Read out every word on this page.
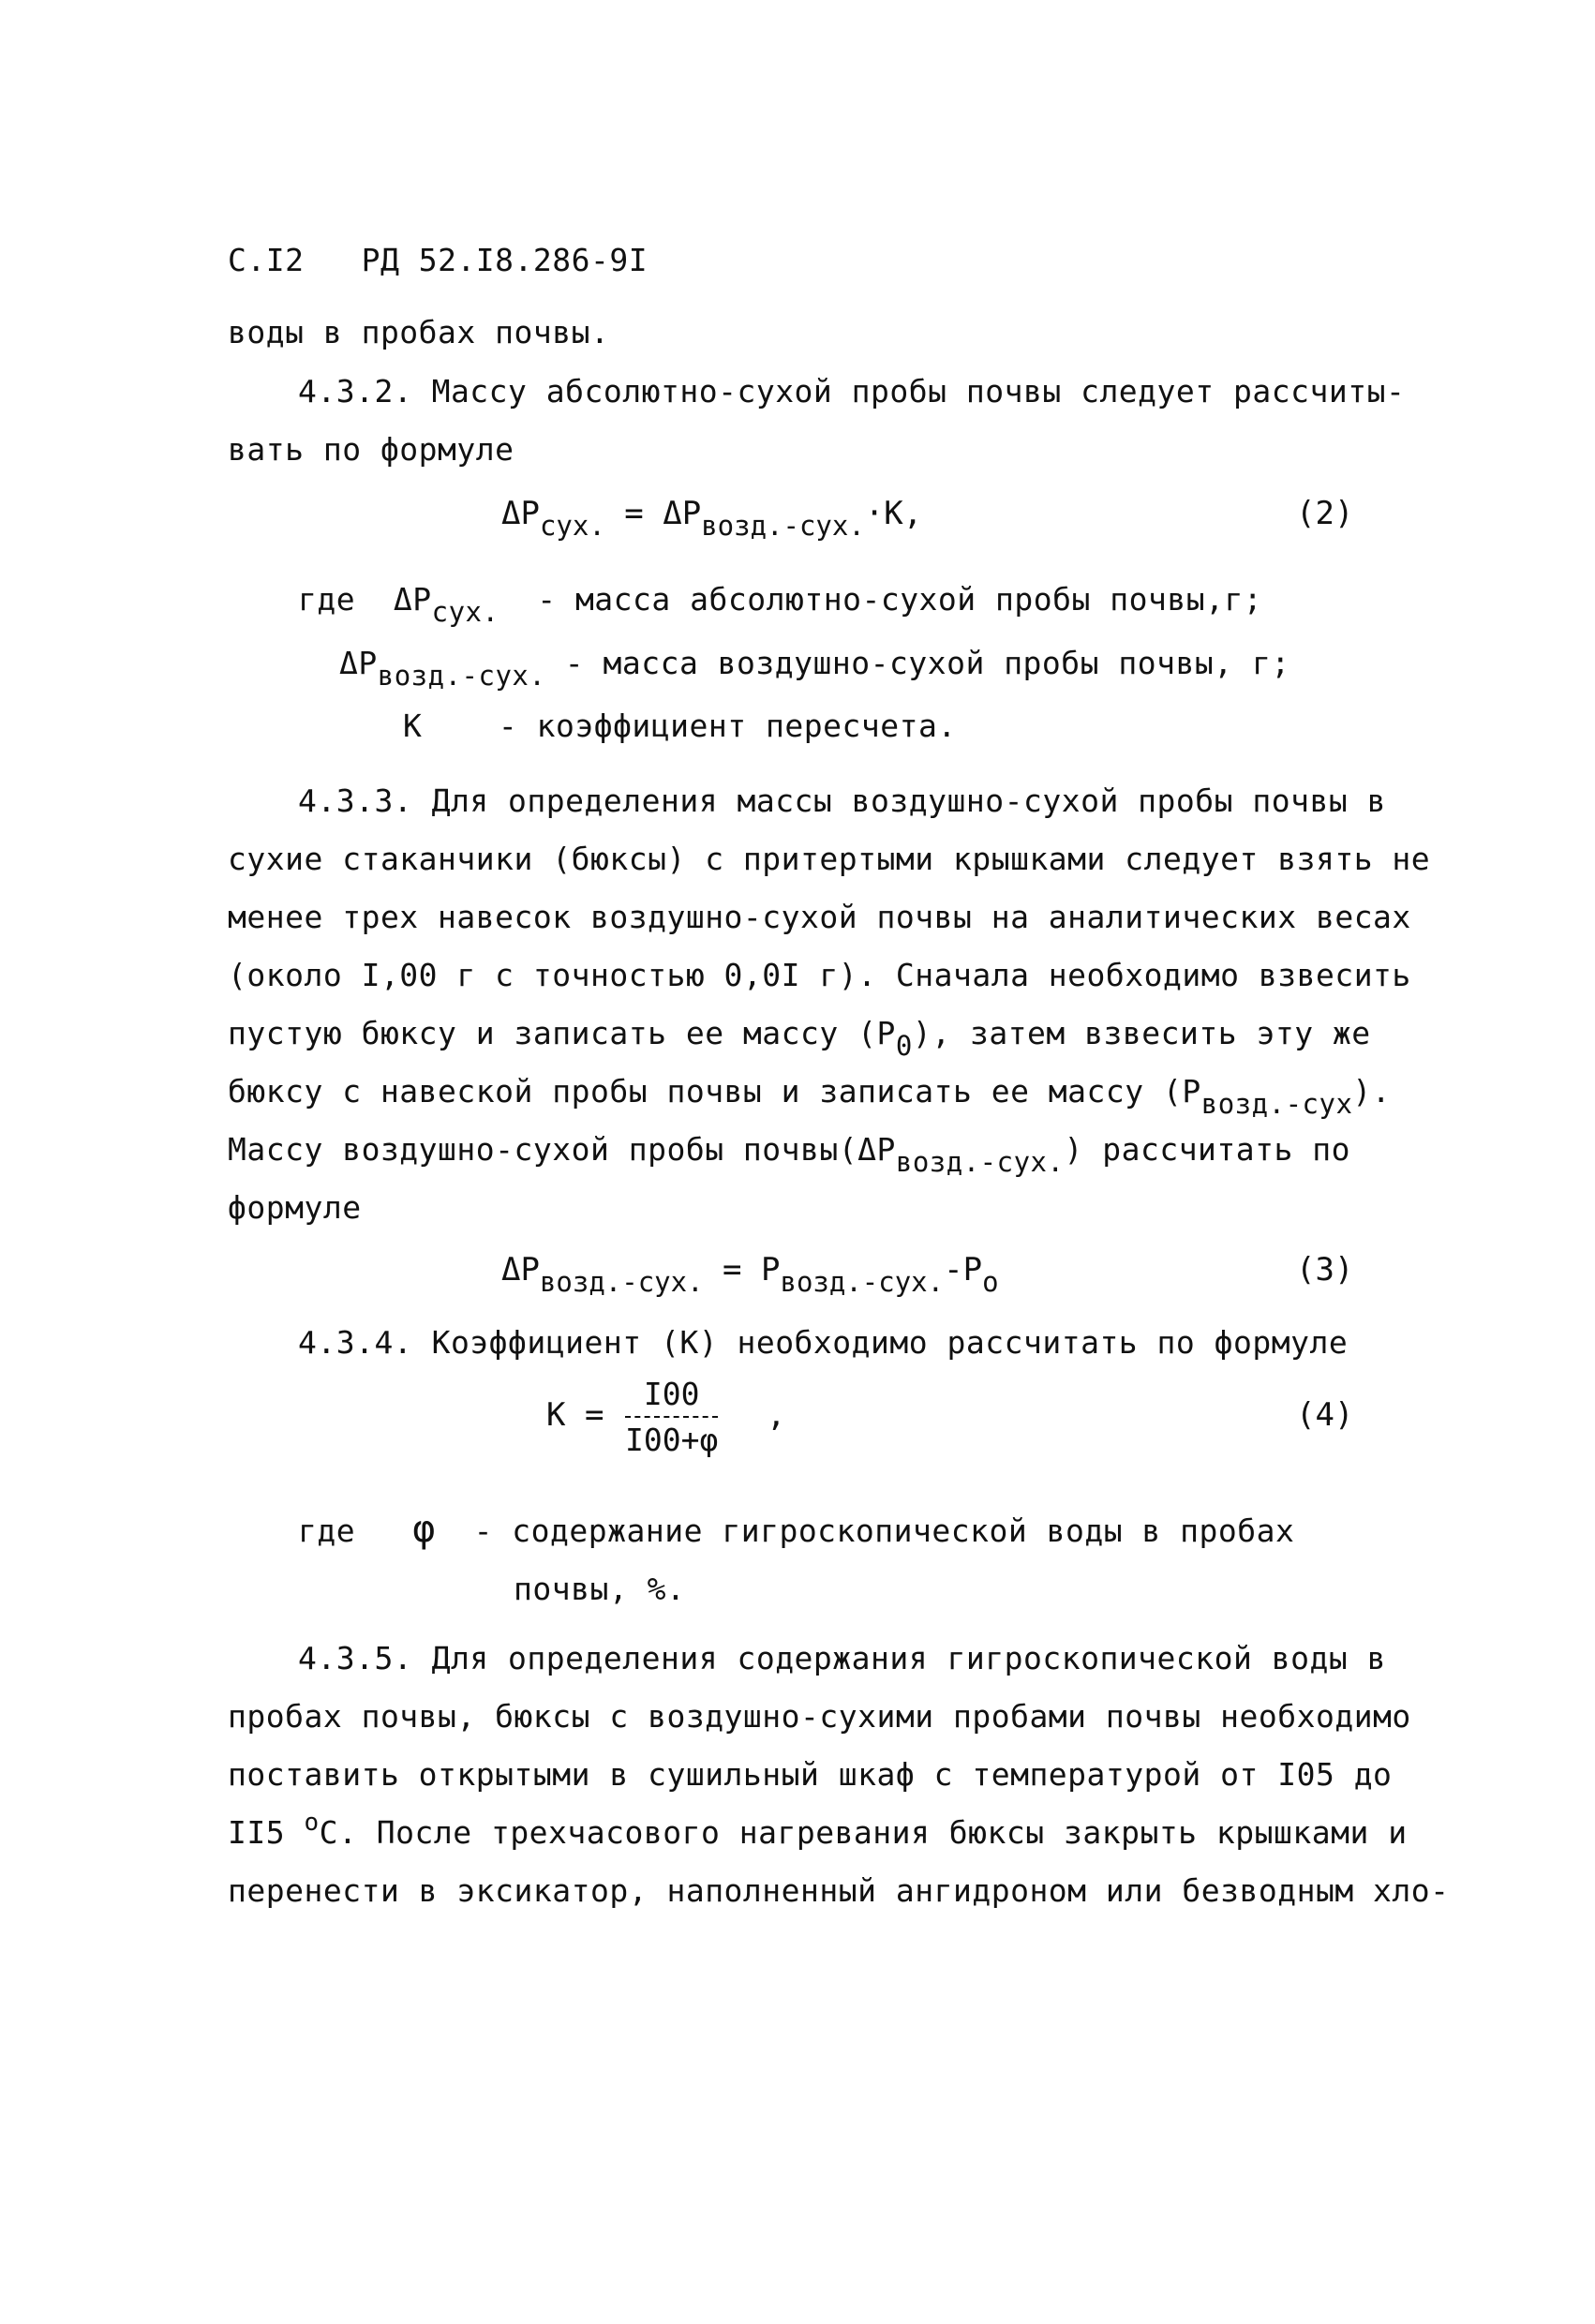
С.I2 РД 52.I8.286-9I
воды в пробах почвы.
4.3.2. Массу абсолютно-сухой пробы почвы следует рассчиты-
вать по формуле
ΔPсух. = ΔPвозд.-сух.·К,	(2)
где ΔPсух. - масса абсолютно-сухой пробы почвы,г;
ΔPвозд.-сух. - масса воздушно-сухой пробы почвы, г;
К - коэффициент пересчета.
4.3.3. Для определения массы воздушно-сухой пробы почвы в
сухие стаканчики (бюксы) с притертыми крышками следует взять не
менее трех навесок воздушно-сухой почвы на аналитических весах
(около I,00 г с точностью 0,0I г). Сначала необходимо взвесить
пустую бюксу и записать ее массу (P0), затем взвесить эту же
бюксу с навеской пробы почвы и записать ее массу (Pвозд.-сух).
Массу воздушно-сухой пробы почвы(ΔPвозд.-сух.) рассчитать по
формуле
ΔPвозд.-сух. = Pвозд.-сух.-Po	(3)
4.3.4. Коэффициент (К) необходимо рассчитать по формуле
$К = \frac{I00}{I00+\varphi}$ ,	(4)
где φ - содержание гигроскопической воды в пробах
почвы, %.
4.3.5. Для определения содержания гигроскопической воды в
пробах почвы, бюксы с воздушно-сухими пробами почвы необходимо
поставить открытыми в сушильный шкаф с температурой от I05 до
II5 $^o$С. После трехчасового нагревания бюксы закрыть крышками и
перенести в эксикатор, наполненный ангидроном или безводным хло-
